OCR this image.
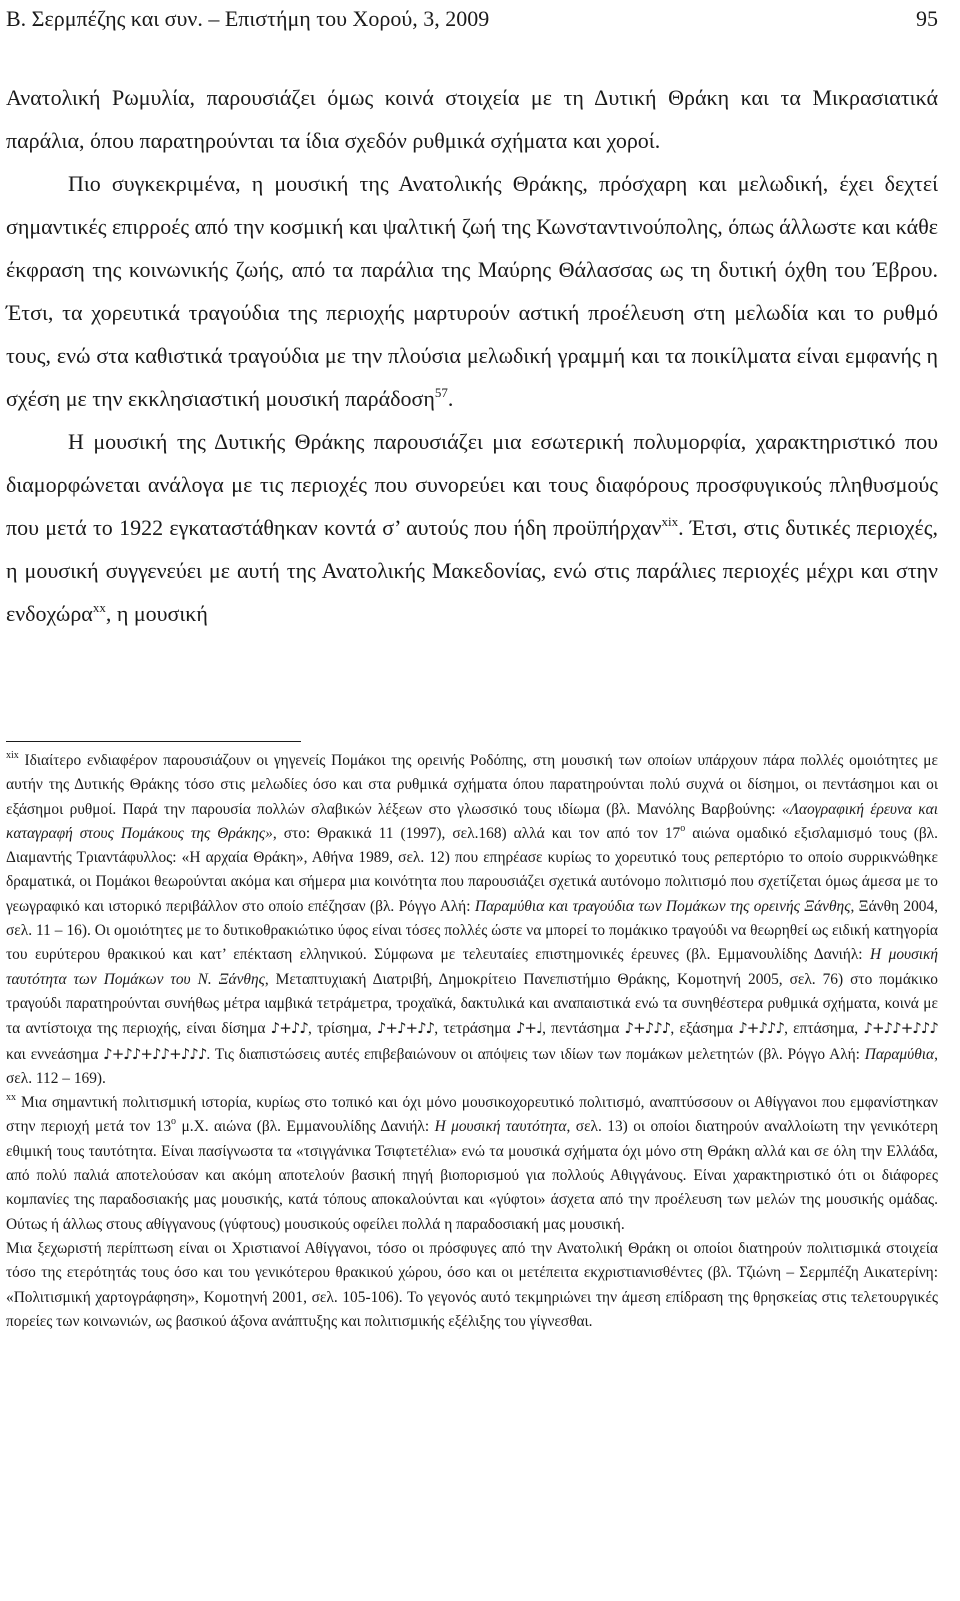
Β. Σερμπέζης και συν. – Επιστήμη του Χορού, 3, 2009	95

Ανατολική Ρωμυλία, παρουσιάζει όμως κοινά στοιχεία με τη Δυτική Θράκη και τα Μικρασιατικά παράλια, όπου παρατηρούνται τα ίδια σχεδόν ρυθμικά σχήματα και χοροί.

Πιο συγκεκριμένα, η μουσική της Ανατολικής Θράκης, πρόσχαρη και μελωδική, έχει δεχτεί σημαντικές επιρροές από την κοσμική και ψαλτική ζωή της Κωνσταντινούπολης, όπως άλλωστε και κάθε έκφραση της κοινωνικής ζωής, από τα παράλια της Μαύρης Θάλασσας ως τη δυτική όχθη του Έβρου. Έτσι, τα χορευτικά τραγούδια της περιοχής μαρτυρούν αστική προέλευση στη μελωδία και το ρυθμό τους, ενώ στα καθιστικά τραγούδια με την πλούσια μελωδική γραμμή και τα ποικίλματα είναι εμφανής η σχέση με την εκκλησιαστική μουσική παράδοση$^{57}$.

Η μουσική της Δυτικής Θράκης παρουσιάζει μια εσωτερική πολυμορφία, χαρακτηριστικό που διαμορφώνεται ανάλογα με τις περιοχές που συνορεύει και τους διαφόρους προσφυγικούς πληθυσμούς που μετά το 1922 εγκαταστάθηκαν κοντά σ’ αυτούς που ήδη προϋπήρχαν$^{xix}$. Έτσι, στις δυτικές περιοχές, η μουσική συγγενεύει με αυτή της Ανατολικής Μακεδονίας, ενώ στις παράλιες περιοχές μέχρι και στην ενδοχώρα$^{xx}$, η μουσική

$^{xix}$ Ιδιαίτερο ενδιαφέρον παρουσιάζουν οι γηγενείς Πομάκοι της ορεινής Ροδόπης, στη μουσική των οποίων υπάρχουν πάρα πολλές ομοιότητες με αυτήν της Δυτικής Θράκης τόσο στις μελωδίες όσο και στα ρυθμικά σχήματα όπου παρατηρούνται πολύ συχνά οι δίσημοι, οι πεντάσημοι και οι εξάσημοι ρυθμοί. Παρά την παρουσία πολλών σλαβικών λέξεων στο γλωσσικό τους ιδίωμα (βλ. Μανόλης Βαρβούνης: «Λαογραφική έρευνα και καταγραφή στους Πομάκους της Θράκης», στο: Θρακικά 11 (1997), σελ.168) αλλά και τον από τον $17^o$ αιώνα ομαδικό εξισλαμισμό τους (βλ. Διαμαντής Τριαντάφυλλος: «Η αρχαία Θράκη», Αθήνα 1989, σελ. 12) που επηρέασε κυρίως το χορευτικό τους ρεπερτόριο το οποίο συρρικνώθηκε δραματικά, οι Πομάκοι θεωρούνται ακόμα και σήμερα μια κοινότητα που παρουσιάζει σχετικά αυτόνομο πολιτισμό που σχετίζεται όμως άμεσα με το γεωγραφικό και ιστορικό περιβάλλον στο οποίο επέζησαν (βλ. Ρόγγο Αλή: Παραμύθια και τραγούδια των Πομάκων της ορεινής Ξάνθης, Ξάνθη 2004, σελ. 11 – 16). Οι ομοιότητες με το δυτικοθρακιώτικο ύφος είναι τόσες πολλές ώστε να μπορεί το πομάκικο τραγούδι να θεωρηθεί ως ειδική κατηγορία του ευρύτερου θρακικού και κατ’ επέκταση ελληνικού. Σύμφωνα με τελευταίες επιστημονικές έρευνες (βλ. Εμμανουλίδης Δανιήλ: Η μουσική ταυτότητα των Πομάκων του Ν. Ξάνθης, Μεταπτυχιακή Διατριβή, Δημοκρίτειο Πανεπιστήμιο Θράκης, Κομοτηνή 2005, σελ. 76) στο πομάκικο τραγούδι παρατηρούνται συνήθως μέτρα ιαμβικά τετράμετρα, τροχαϊκά, δακτυλικά και αναπαιστικά ενώ τα συνηθέστερα ρυθμικά σχήματα, κοινά με τα αντίστοιχα της περιοχής, είναι δίσημα ♪+♪♪, τρίσημα, ♪+♪+♪♪, τετράσημα ♪+♩, πεντάσημα ♪+♪♪♪, εξάσημα ♪+♪♪♪, επτάσημα, ♪+♪♪+♪♪♪ και εννεάσημα ♪+♪♪+♪♪+♪♪♪. Τις διαπιστώσεις αυτές επιβεβαιώνουν οι απόψεις των ιδίων των πομάκων μελετητών (βλ. Ρόγγο Αλή: Παραμύθια, σελ. 112 – 169).

$^{xx}$ Μια σημαντική πολιτισμική ιστορία, κυρίως στο τοπικό και όχι μόνο μουσικοχορευτικό πολιτισμό, αναπτύσσουν οι Αθίγγανοι που εμφανίστηκαν στην περιοχή μετά τον $13^o$ μ.Χ. αιώνα (βλ. Εμμανουλίδης Δανιήλ: Η μουσική ταυτότητα, σελ. 13) οι οποίοι διατηρούν αναλλοίωτη την γενικότερη εθιμική τους ταυτότητα. Είναι πασίγνωστα τα «τσιγγάνικα Τσιφτετέλια» ενώ τα μουσικά σχήματα όχι μόνο στη Θράκη αλλά και σε όλη την Ελλάδα, από πολύ παλιά αποτελούσαν και ακόμη αποτελούν βασική πηγή βιοπορισμού για πολλούς Αθιγγάνους. Είναι χαρακτηριστικό ότι οι διάφορες κομπανίες της παραδοσιακής μας μουσικής, κατά τόπους αποκαλούνται και «γύφτοι» άσχετα από την προέλευση των μελών της μουσικής ομάδας. Ούτως ή άλλως στους αθίγγανους (γύφτους) μουσικούς οφείλει πολλά η παραδοσιακή μας μουσική.

Μια ξεχωριστή περίπτωση είναι οι Χριστιανοί Αθίγγανοι, τόσο οι πρόσφυγες από την Ανατολική Θράκη οι οποίοι διατηρούν πολιτισμικά στοιχεία τόσο της ετερότητάς τους όσο και του γενικότερου θρακικού χώρου, όσο και οι μετέπειτα εκχριστιανισθέντες (βλ. Τζιώνη – Σερμπέζη Αικατερίνη: «Πολιτισμική χαρτογράφηση», Κομοτηνή 2001, σελ. 105-106). Το γεγονός αυτό τεκμηριώνει την άμεση επίδραση της θρησκείας στις τελετουργικές πορείες των κοινωνιών, ως βασικού άξονα ανάπτυξης και πολιτισμικής εξέλιξης του γίγνεσθαι.
